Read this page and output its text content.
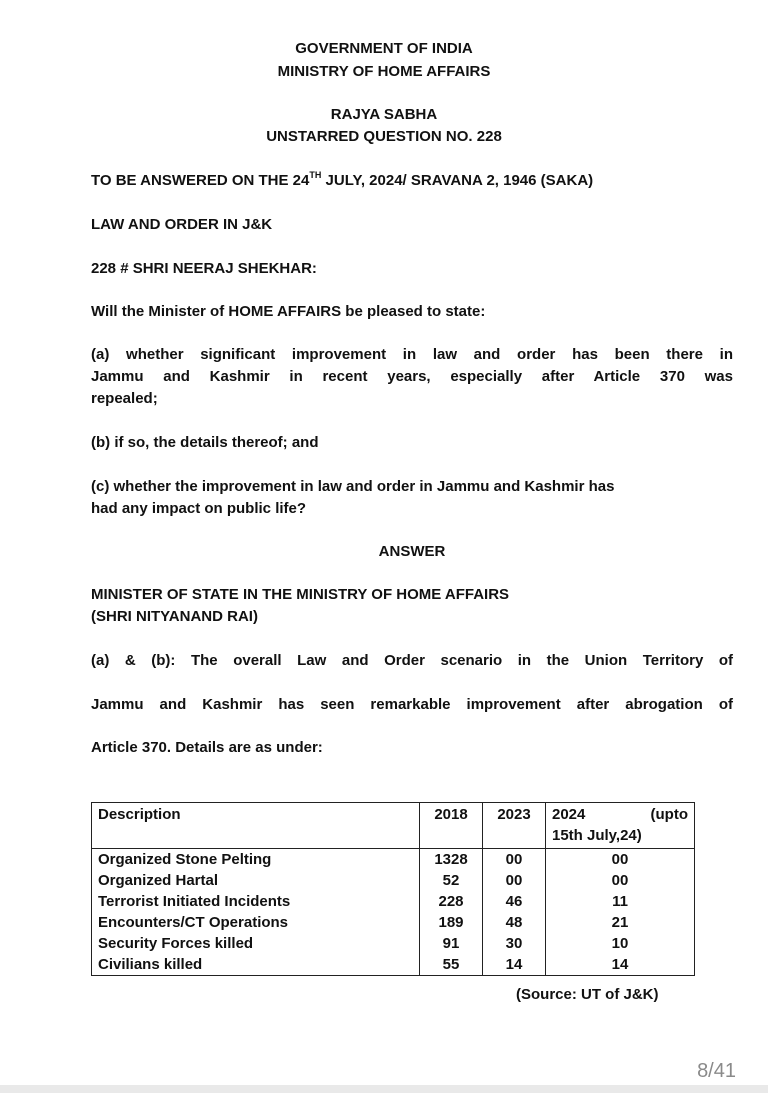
GOVERNMENT OF INDIA
MINISTRY OF HOME AFFAIRS
RAJYA SABHA
UNSTARRED QUESTION NO. 228
TO BE ANSWERED ON THE 24TH JULY, 2024/ SRAVANA 2, 1946 (SAKA)
LAW AND ORDER IN J&K
228 # SHRI NEERAJ SHEKHAR:
Will the Minister of HOME AFFAIRS be pleased to state:
(a) whether significant improvement in law and order has been there in
Jammu and Kashmir in recent years, especially after Article 370 was
repealed;
(b) if so, the details thereof; and
(c) whether the improvement in law and order in Jammu and Kashmir has
had any impact on public life?
ANSWER
MINISTER OF STATE IN THE MINISTRY OF HOME AFFAIRS
(SHRI NITYANAND RAI)
(a) & (b): The overall Law and Order scenario in the Union Territory of
Jammu and Kashmir has seen remarkable improvement after abrogation of
Article 370. Details are as under:
Description	2018	2023	2024 (upto
15th July,24)

Organized Stone Pelting	1328	00	00
Organized Hartal	52	00	00
Terrorist Initiated Incidents	228	46	11
Encounters/CT Operations	189	48	21
Security Forces killed	91	30	10
Civilians killed	55	14	14
(Source: UT of J&K)
8/41
